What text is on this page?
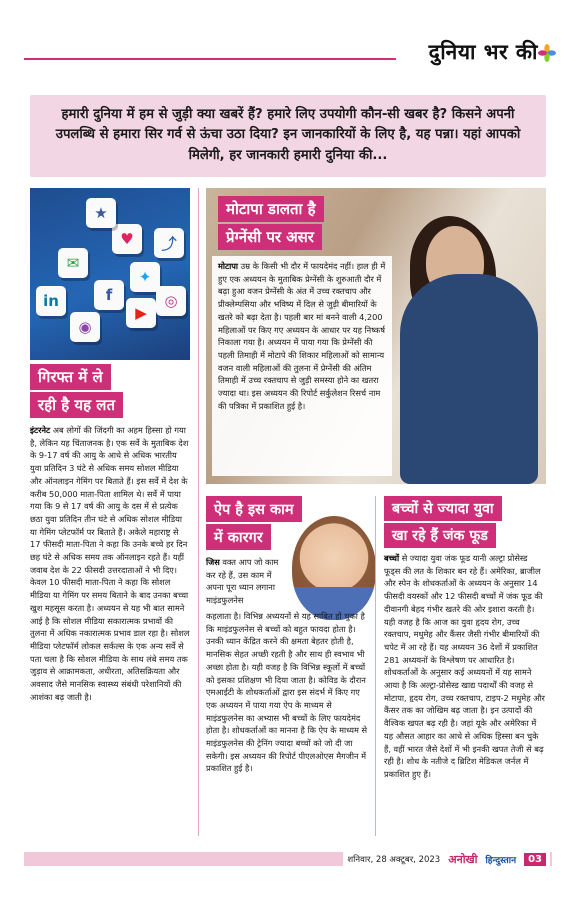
दुनिया भर की
हमारी दुनिया में हम से जुड़ी क्या खबरें हैं? हमारे लिए उपयोगी कौन-सी खबर है? किसने अपनी उपलब्धि से हमारा सिर गर्व से ऊंचा उठा दिया? इन जानकारियों के लिए है, यह पन्ना। यहां आपको मिलेगी, हर जानकारी हमारी दुनिया की...
f
✦
▶
◎
✉
♥	⤴
◉
★
in
गिरफ्त में ले
रही है यह लत
इंटरनेट अब लोगों की जिंदगी का अहम हिस्सा हो गया है, लेकिन यह चिंताजनक है। एक सर्वे के मुताबिक देश के 9-17 वर्ष की आयु के आधे से अधिक भारतीय युवा प्रतिदिन 3 घंटे से अधिक समय सोशल मीडिया और ऑनलाइन गेमिंग पर बिताते हैं। इस सर्वे में देश के करीब 50,000 माता-पिता शामिल थे। सर्वे में पाया गया कि 9 से 17 वर्ष की आयु के दस में से प्रत्येक छठा युवा प्रतिदिन तीन घंटे से अधिक सोशल मीडिया या गेमिंग प्लेटफॉर्म पर बिताते हैं। अकेले महाराष्ट्र से 17 फीसदी माता-पिता ने कहा कि उनके बच्चे हर दिन छह घंटे से अधिक समय तक ऑनलाइन रहते हैं। यहीं जवाब देश के 22 फीसदी उत्तरदाताओं ने भी दिए। केवल 10 फीसदी माता-पिता ने कहा कि सोशल मीडिया या गेमिंग पर समय बिताने के बाद उनका बच्चा खुश महसूस करता है। अध्ययन से यह भी बात सामने आई है कि सोशल मीडिया सकारात्मक प्रभावों की तुलना में अधिक नकारात्मक प्रभाव डाल रहा है। सोशल मीडिया प्लेटफॉर्म लोकल सर्कल्स के एक अन्य सर्वे से पता चला है कि सोशल मीडिया के साथ लंबे समय तक जुड़ाव से आक्रामकता, अधीरता, अतिसक्रियता और अवसाद जैसे मानसिक स्वास्थ्य संबंधी परेशानियों की आशंका बढ़ जाती है।
मोटापा डालता है
प्रेग्नेंसी पर असर
मोटापा उम्र के किसी भी दौर में फायदेमंद नहीं। हाल ही में हुए एक अध्ययन के मुताबिक प्रेग्नेंसी के शुरुआती दौर में बढ़ा हुआ वजन प्रेग्नेंसी के अंत में उच्च रक्तचाप और प्रीक्लेम्पसिया और भविष्य में दिल से जुड़ी बीमारियों के खतरे को बढ़ा देता है। पहली बार मां बनने वाली 4,200 महिलाओं पर किए गए अध्ययन के आधार पर यह निष्कर्ष निकाला गया है। अध्ययन में पाया गया कि प्रेग्नेंसी की पहली तिमाही में मोटापे की शिकार महिलाओं को सामान्य वजन वाली महिलाओं की तुलना में प्रेग्नेंसी की अंतिम तिमाही में उच्च रक्तचाप से जुड़ी समस्या होने का खतरा ज्यादा था। इस अध्ययन की रिपोर्ट सर्कुलेशन रिसर्च नाम की पत्रिका में प्रकाशित हुई है।
ऐप है इस काम
में कारगर
जिस वक्त आप जो काम कर रहे हैं, उस काम में अपना पूरा ध्यान लगाना माइंडफुलनेस
कहलाता है। विभिन्न अध्ययनों से यह साबित हो चुका है कि माइंडफुलनेस से बच्चों को बहुत फायदा होता है। उनकी ध्यान केंद्रित करने की क्षमता बेहतर होती है, मानसिक सेहत अच्छी रहती है और साथ ही स्वभाव भी अच्छा होता है। यही वजह है कि विभिन्न स्कूलों में बच्चों को इसका प्रशिक्षण भी दिया जाता है। कोविड के दौरान एमआईटी के शोधकर्ताओं द्वारा इस संदर्भ में किए गए एक अध्ययन में पाया गया ऐप के माध्यम से माइंडफुलनेस का अभ्यास भी बच्चों के लिए फायदेमंद होता है। शोधकर्ताओं का मानना है कि ऐप के माध्यम से माइंडफुलनेस की ट्रेनिंग ज्यादा बच्चों को जो दी जा सकेगी। इस अध्ययन की रिपोर्ट पीएलओएस मैगजीन में प्रकाशित हुई है।
बच्चों से ज्यादा युवा
खा रहे हैं जंक फूड
बच्चों से ज्यादा युवा जंक फूड यानी अल्ट्रा प्रोसेस्ड फूड्स की लत के शिकार बन रहे हैं। अमेरिका, ब्राजील और स्पेन के शोधकर्ताओं के अध्ययन के अनुसार 14 फीसदी वयस्कों और 12 फीसदी बच्चों में जंक फूड की दीवानगी बेहद गंभीर खतरे की ओर इशारा करती है। यही वजह है कि आज का युवा हृदय रोग, उच्च रक्तचाप, मधुमेह और कैंसर जैसी गंभीर बीमारियों की चपेट में आ रहे हैं। यह अध्ययन 36 देशों में प्रकाशित 281 अध्ययनों के विश्लेषण पर आधारित है। शोधकर्ताओं के अनुसार कई अध्ययनों में यह सामने आया है कि अल्ट्रा-प्रोसेस्ड खाद्य पदार्थों की वजह से मोटापा, हृदय रोग, उच्च रक्तचाप, टाइप-2 मधुमेह और कैंसर तक का जोखिम बढ़ जाता है। इन उत्पादों की वैश्विक खपत बढ़ रही है। जहां यूके और अमेरिका में यह औसत आहार का आधे से अधिक हिस्सा बन चुके हैं, वहीं भारत जैसे देशों में भी इनकी खपत तेजी से बढ़ रही है। शोध के नतीजे द ब्रिटिश मेडिकल जर्नल में प्रकाशित हुए हैं।
शनिवार, 28 अक्टूबर, 2023 अनोखी हिन्दुस्तान	03
